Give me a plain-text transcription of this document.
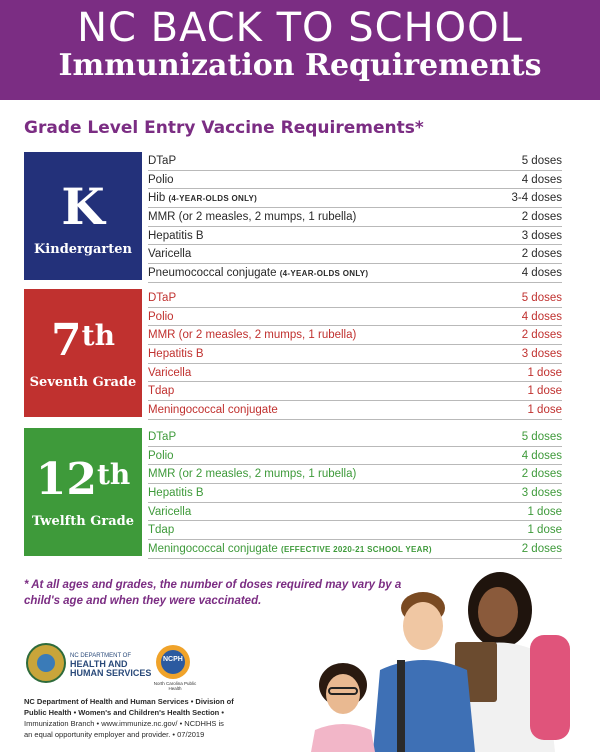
NC BACK TO SCHOOL
Immunization Requirements
Grade Level Entry Vaccine Requirements*
K
Kindergarten
DTaP	5 doses
Polio	4 doses
Hib (4-YEAR-OLDS ONLY)	3-4 doses
MMR (or 2 measles, 2 mumps, 1 rubella)	2 doses
Hepatitis B	3 doses
Varicella	2 doses
Pneumococcal conjugate (4-YEAR-OLDS ONLY)	4 doses
7th
Seventh Grade
DTaP	5 doses
Polio	4 doses
MMR (or 2 measles, 2 mumps, 1 rubella)	2 doses
Hepatitis B	3 doses
Varicella	1 dose
Tdap	1 dose
Meningococcal conjugate	1 dose
12th
Twelfth Grade
DTaP	5 doses
Polio	4 doses
MMR (or 2 measles, 2 mumps, 1 rubella)	2 doses
Hepatitis B	3 doses
Varicella	1 dose
Tdap	1 dose
Meningococcal conjugate (EFFECTIVE 2020-21 SCHOOL YEAR)	2 doses
* At all ages and grades, the number of doses required may vary by a child's age and when they were vaccinated.
NC DEPARTMENT OF
HEALTH AND
HUMAN SERVICES
NCPH
North Carolina Public Health
NC Department of Health and Human Services • Division of
Public Health • Women's and Children's Health Section •
Immunization Branch • www.immunize.nc.gov/ • NCDHHS is
an equal opportunity employer and provider. • 07/2019
